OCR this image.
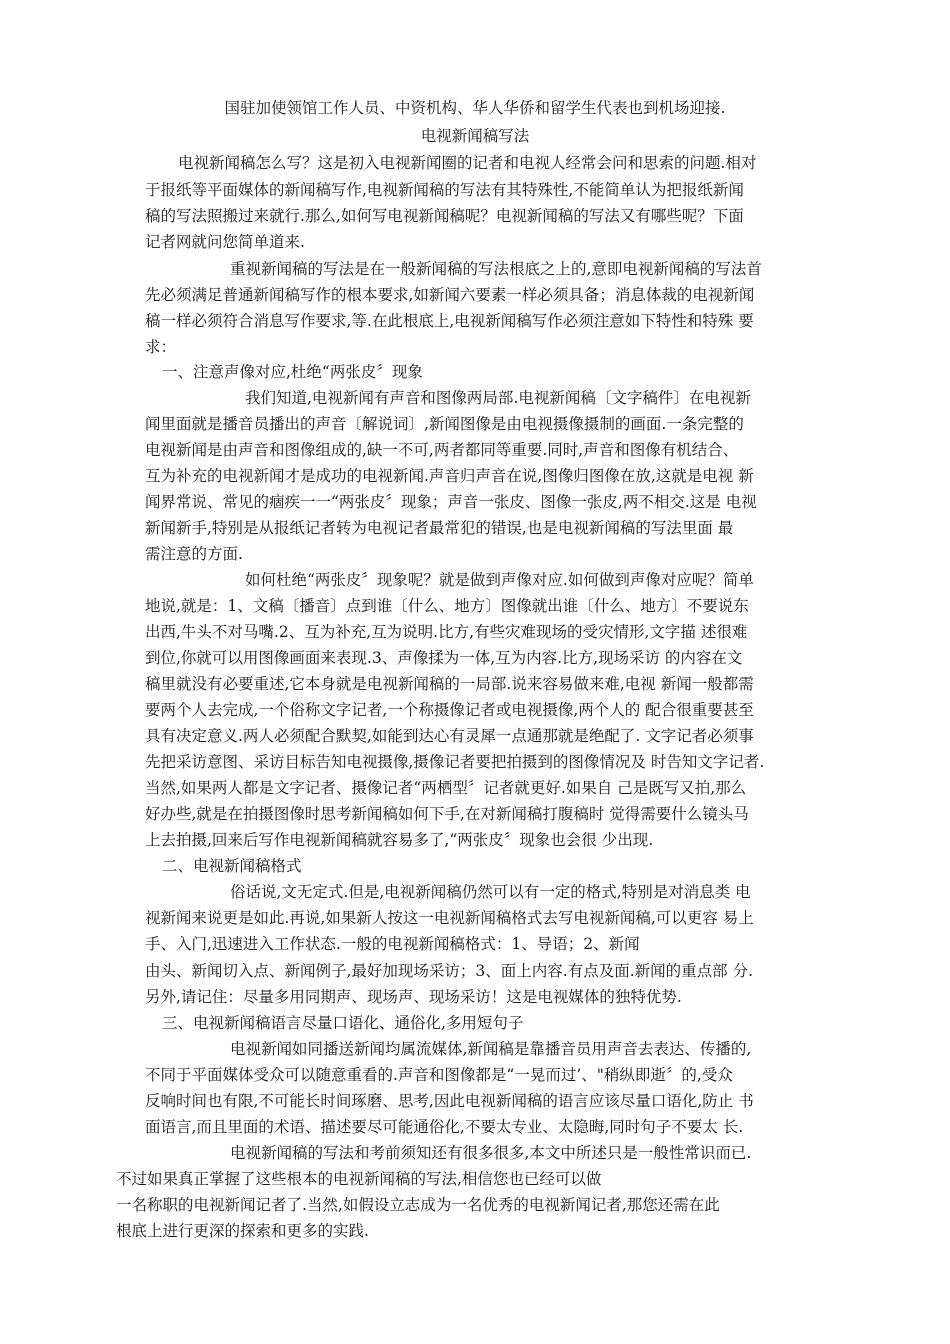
国驻加使领馆工作人员、中资机构、华人华侨和留学生代表也到机场迎接.
电视新闻稿写法
电视新闻稿怎么写？这是初入电视新闻圈的记者和电视人经常会问和思索的问题.相对
于报纸等平面媒体的新闻稿写作,电视新闻稿的写法有其特殊性,不能简单认为把报纸新闻
稿的写法照搬过来就行.那么,如何写电视新闻稿呢？电视新闻稿的写法又有哪些呢？下面
记者网就问您简单道来.
重视新闻稿的写法是在一般新闻稿的写法根底之上的,意即电视新闻稿的写法首
先必须满足普通新闻稿写作的根本要求,如新闻六要素一样必须具备；消息体裁的电视新闻
稿一样必须符合消息写作要求,等.在此根底上,电视新闻稿写作必须注意如下特性和特殊 要
求：
一、注意声像对应,杜绝“两张皮〞现象
我们知道,电视新闻有声音和图像两局部.电视新闻稿〔文字稿件〕在电视新
闻里面就是播音员播出的声音〔解说词〕,新闻图像是由电视摄像摄制的画面.一条完整的
电视新闻是由声音和图像组成的,缺一不可,两者都同等重要.同时,声音和图像有机结合、
互为补充的电视新闻才是成功的电视新闻.声音归声音在说,图像归图像在放,这就是电视 新
闻界常说、常见的痼疾一一“两张皮〞现象；声音一张皮、图像一张皮,两不相交.这是 电视
新闻新手,特别是从报纸记者转为电视记者最常犯的错误,也是电视新闻稿的写法里面 最
需注意的方面.
如何杜绝“两张皮〞现象呢？就是做到声像对应.如何做到声像对应呢？简单
地说,就是：1、文稿〔播音〕点到谁〔什么、地方〕图像就出谁〔什么、地方〕不要说东
出西,牛头不对马嘴.2、互为补充,互为说明.比方,有些灾难现场的受灾情形,文字描 述很难
到位,你就可以用图像画面来表现.3、声像揉为一体,互为内容.比方,现场采访 的内容在文
稿里就没有必要重述,它本身就是电视新闻稿的一局部.说来容易做来难,电视 新闻一般都需
要两个人去完成,一个俗称文字记者,一个称摄像记者或电视摄像,两个人的 配合很重要甚至
具有决定意义.两人必须配合默契,如能到达心有灵犀一点通那就是绝配了. 文字记者必须事
先把采访意图、采访目标告知电视摄像,摄像记者要把拍摄到的图像情况及 时告知文字记者.
当然,如果两人都是文字记者、摄像记者“两栖型〞记者就更好.如果自 己是既写又拍,那么
好办些,就是在拍摄图像时思考新闻稿如何下手,在对新闻稿打腹稿时 觉得需要什么镜头马
上去拍摄,回来后写作电视新闻稿就容易多了,“两张皮〞现象也会很 少出现.
二、电视新闻稿格式
俗话说,文无定式.但是,电视新闻稿仍然可以有一定的格式,特别是对消息类 电
视新闻来说更是如此.再说,如果新人按这一电视新闻稿格式去写电视新闻稿,可以更容 易上
手、入门,迅速进入工作状态.一般的电视新闻稿格式：1、导语；2、新闻
由头、新闻切入点、新闻例子,最好加现场采访；3、面上内容.有点及面.新闻的重点部 分.
另外,请记住：尽量多用同期声、现场声、现场采访！这是电视媒体的独特优势.
三、电视新闻稿语言尽量口语化、通俗化,多用短句子
电视新闻如同播送新闻均属流媒体,新闻稿是靠播音员用声音去表达、传播的,
不同于平面媒体受众可以随意重看的.声音和图像都是“一晃而过’、"稍纵即逝〞的,受众
反响时间也有限,不可能长时间琢磨、思考,因此电视新闻稿的语言应该尽量口语化,防止 书
面语言,而且里面的术语、描述要尽可能通俗化,不要太专业、太隐晦,同时句子不要太 长.
电视新闻稿的写法和考前须知还有很多很多,本文中所述只是一般性常识而已.
不过如果真正掌握了这些根本的电视新闻稿的写法,相信您也已经可以做
一名称职的电视新闻记者了.当然,如假设立志成为一名优秀的电视新闻记者,那您还需在此
根底上进行更深的探索和更多的实践.
